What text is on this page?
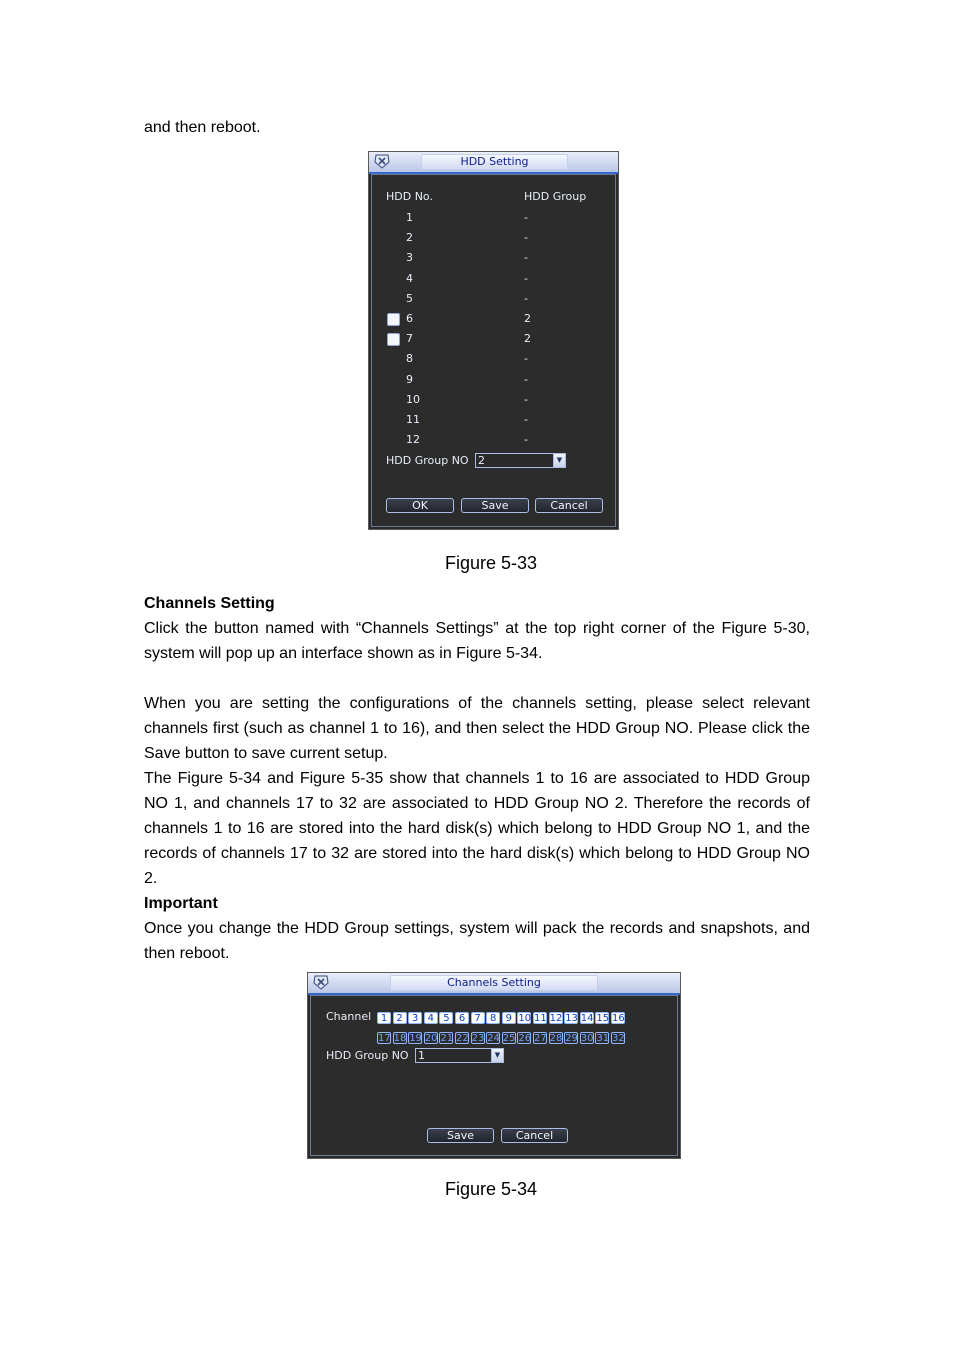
and then reboot.

HDD Setting
HDD No.	HDD Group
1	-
2	-
3	-
4	-
5	-
6	2
7	2
8	-
9	-
10	-
11	-
12	-
HDD Group NO 2	▼
OK	Save	Cancel
Figure 5-33

Channels Setting

Click the button named with “Channels Settings” at the top right corner of the Figure 5-30, system will pop up an interface shown as in Figure 5-34.

When you are setting the configurations of the channels setting, please select relevant channels first (such as channel 1 to 16), and then select the HDD Group NO. Please click the Save button to save current setup.

The Figure 5-34 and Figure 5-35 show that channels 1 to 16 are associated to HDD Group NO 1, and channels 17 to 32 are associated to HDD Group NO 2. Therefore the records of channels 1 to 16 are stored into the hard disk(s) which belong to HDD Group NO 1, and the records of channels 17 to 32 are stored into the hard disk(s) which belong to HDD Group NO 2.

Important

Once you change the HDD Group settings, system will pack the records and snapshots, and then reboot.

Channels Setting
Channel 1 2 3 4 5 6 7 8 9 10 11 12 13 14 15 16
17 18 19 20 21 22 23 24 25 26 27 28 29 30 31 32
HDD Group NO 1	▼
Save	Cancel
Figure 5-34
